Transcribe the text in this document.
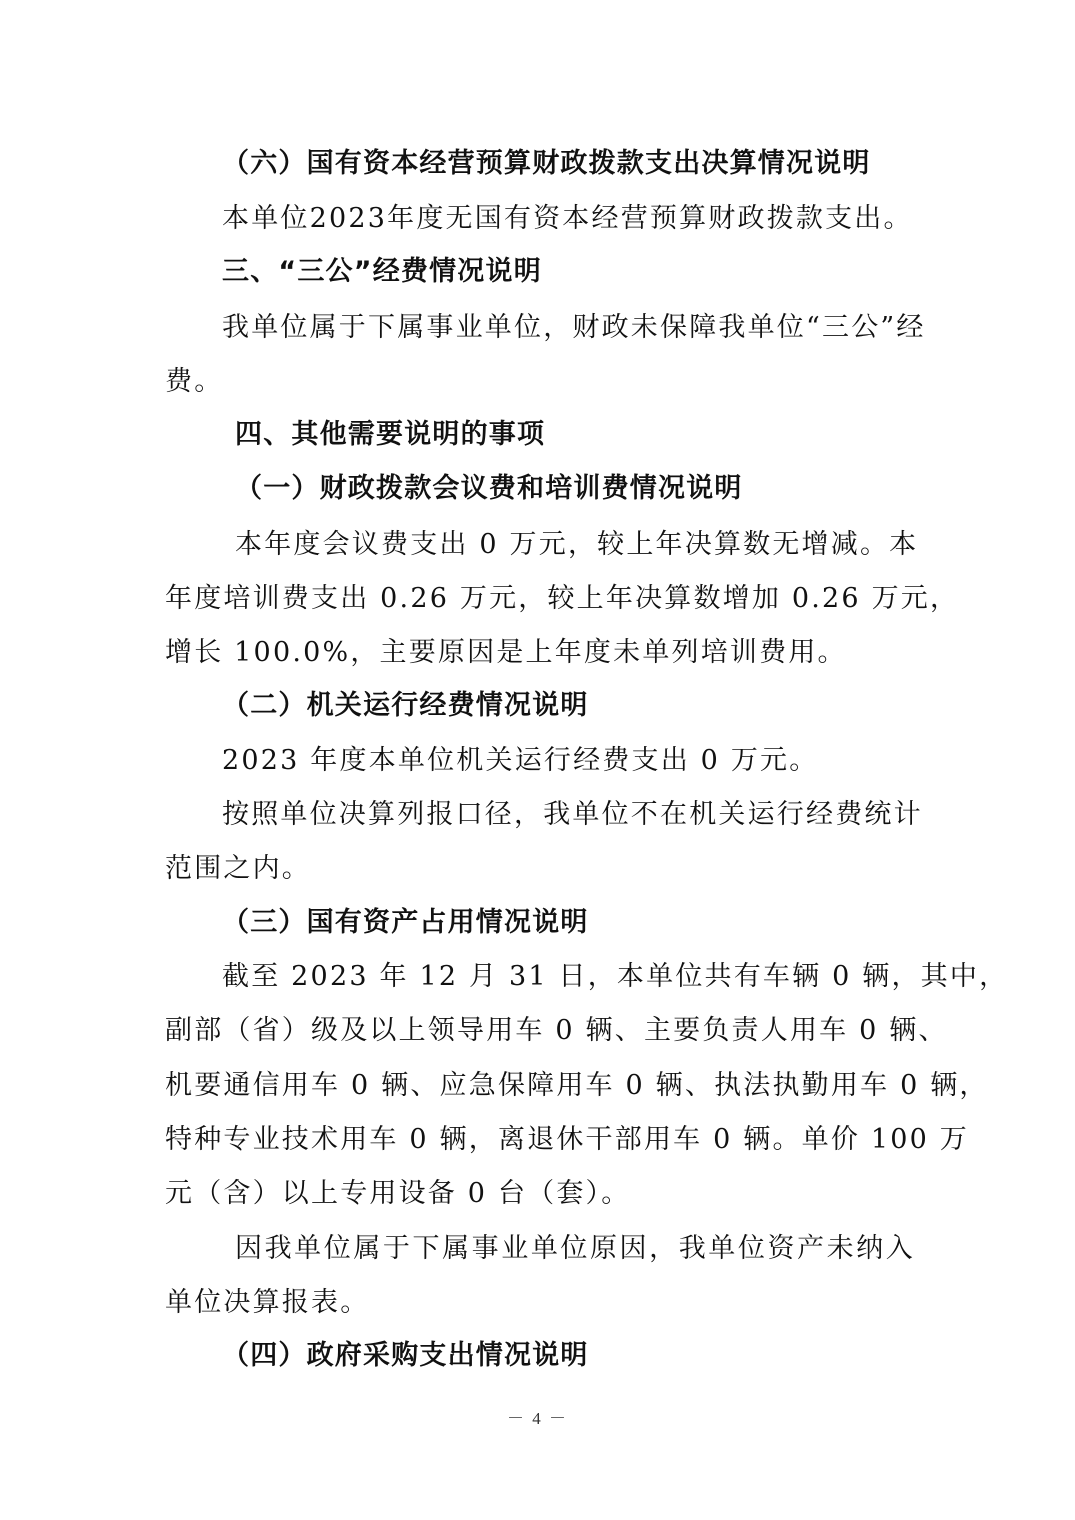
（六）国有资本经营预算财政拨款支出决算情况说明
本单位2023年度无国有资本经营预算财政拨款支出。
三、“三公”经费情况说明
我单位属于下属事业单位，财政未保障我单位“三公”经
费。
四、其他需要说明的事项
（一）财政拨款会议费和培训费情况说明
本年度会议费支出 0 万元，较上年决算数无增减。本
年度培训费支出 0.26 万元，较上年决算数增加 0.26 万元，
增长 100.0%，主要原因是上年度未单列培训费用。
（二）机关运行经费情况说明
2023 年度本单位机关运行经费支出 0 万元。
按照单位决算列报口径，我单位不在机关运行经费统计
范围之内。
（三）国有资产占用情况说明
截至 2023 年 12 月 31 日，本单位共有车辆 0 辆，其中，
副部（省）级及以上领导用车 0 辆、主要负责人用车 0 辆、
机要通信用车 0 辆、应急保障用车 0 辆、执法执勤用车 0 辆，
特种专业技术用车 0 辆，离退休干部用车 0 辆。单价 100 万
元（含）以上专用设备 0 台（套）。
因我单位属于下属事业单位原因，我单位资产未纳入
单位决算报表。
（四）政府采购支出情况说明
－ 4 －
